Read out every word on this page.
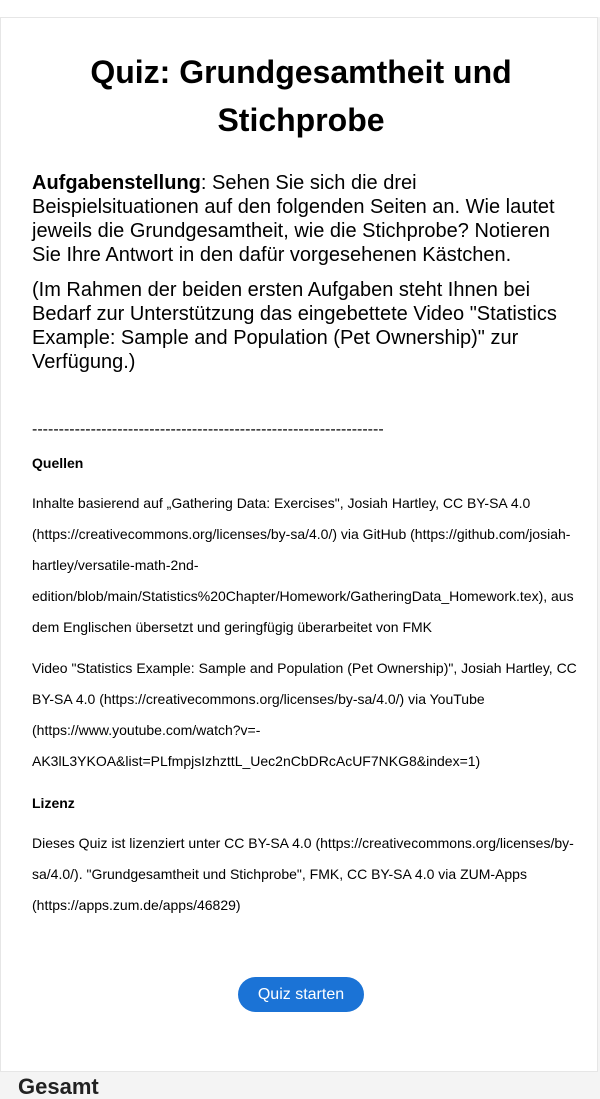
Quiz: Grundgesamtheit und Stichprobe

Aufgabenstellung: Sehen Sie sich die drei Beispielsituationen auf den folgenden Seiten an. Wie lautet jeweils die Grundgesamtheit, wie die Stichprobe? Notieren Sie Ihre Antwort in den dafür vorgesehenen Kästchen.

(Im Rahmen der beiden ersten Aufgaben steht Ihnen bei Bedarf zur Unterstützung das eingebettete Video "Statistics Example: Sample and Population (Pet Ownership)" zur Verfügung.)

------------------------------------------------------------------

Quellen

Inhalte basierend auf „Gathering Data: Exercises", Josiah Hartley, CC BY-SA 4.0 (https://creativecommons.org/licenses/by-sa/4.0/) via GitHub (https://github.com/josiah-hartley/versatile-math-2nd-edition/blob/main/Statistics%20Chapter/Homework/GatheringData_Homework.tex), aus dem Englischen übersetzt und geringfügig überarbeitet von FMK

Video "Statistics Example: Sample and Population (Pet Ownership)", Josiah Hartley, CC BY-SA 4.0 (https://creativecommons.org/licenses/by-sa/4.0/) via YouTube (https://www.youtube.com/watch?v=-AK3lL3YKOA&list=PLfmpjsIzhzttL_Uec2nCbDRcAcUF7NKG8&index=1)

Lizenz

Dieses Quiz ist lizenziert unter CC BY-SA 4.0 (https://creativecommons.org/licenses/by-sa/4.0/). "Grundgesamtheit und Stichprobe", FMK, CC BY-SA 4.0 via ZUM-Apps (https://apps.zum.de/apps/46829)

Quiz starten
Gesamt
